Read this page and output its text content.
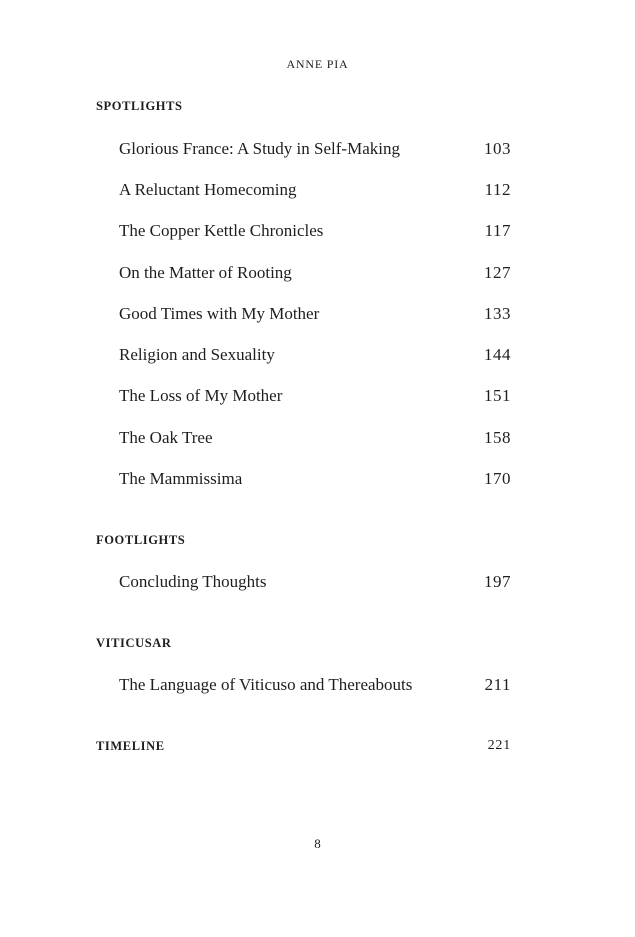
ANNE PIA
SPOTLIGHTS
Glorious France: A Study in Self-Making	103
A Reluctant Homecoming	112
The Copper Kettle Chronicles	117
On the Matter of Rooting	127
Good Times with My Mother	133
Religion and Sexuality	144
The Loss of My Mother	151
The Oak Tree	158
The Mammissima	170
FOOTLIGHTS
Concluding Thoughts	197
VITICUSAR
The Language of Viticuso and Thereabouts	211
TIMELINE	221
8
